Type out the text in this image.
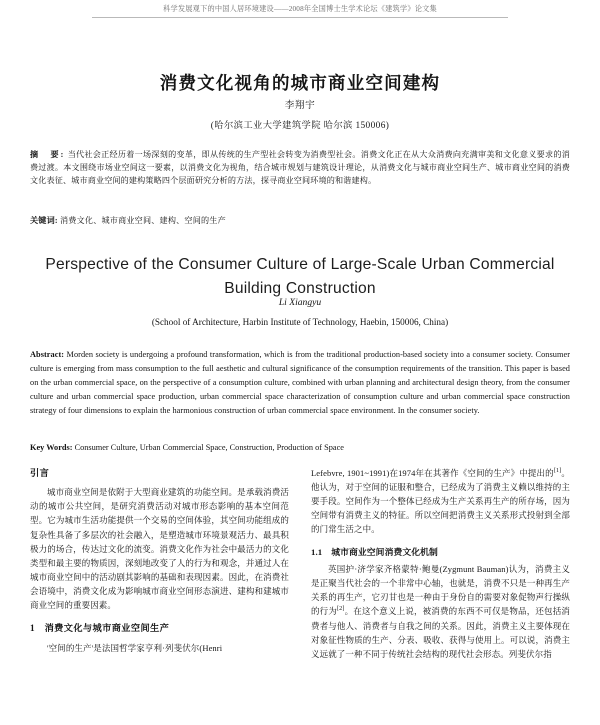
科学发展观下的中国人居环境建设——2008年全国博士生学术论坛《建筑学》论文集
消费文化视角的城市商业空间建构
李翔宇
(哈尔滨工业大学建筑学院 哈尔滨 150006)
摘　要: 当代社会正经历着一场深刻的变革，即从传统的生产型社会转变为消费型社会。消费文化正在从大众消费向充满审美和文化意义要求的消费过渡。本文围绕市场业空间这一要素，以消费文化为视角，结合城市规划与建筑设计理论，从消费文化与城市商业空间生产、城市商业空间的消费文化表征、城市商业空间的建构策略四个层面研究分析的方法，探寻商业空间环境的和谐建构。
关键词: 消费文化、城市商业空间、建构、空间的生产
Perspective of the Consumer Culture of Large-Scale Urban Commercial Building Construction
Li Xiangyu
(School of Architecture, Harbin Institute of Technology, Haebin, 150006, China)
Abstract: Morden society is undergoing a profound transformation, which is from the traditional production-based society into a consumer society. Consumer culture is emerging from mass consumption to the full aesthetic and cultural significance of the consumption requirements of the transition. This paper is based on the urban commercial space, on the perspective of a consumption culture, combined with urban planning and architectural design theory, from the consumer culture and urban commercial space production, urban commercial space characterization of consumption culture and urban commercial space construction strategy of four dimensions to explain the harmonious construction of urban commercial space environment. In the consumer society.
Key Words: Consumer Culture, Urban Commercial Space, Construction, Production of Space
引言

城市商业空间是依附于大型商业建筑的功能空间。是承载消费活动的城市公共空间，是研究消费活动对城市形态影响的基本空间范型。它为城市生活功能提供一个交易的空间体验，其空间功能组成的复杂性具备了多层次的社会融入，是塑造城市环境景观活力、最具积极力的场合，传达过文化的流变。消费文化作为社会中最活力的文化类型和最主要的物质因，深刻地改变了人的行为和观念，并通过人在城市商业空间中的活动剧其影响的基础和表现因素。因此，在消费社会语境中，消费文化成为影响城市商业空间形态演进、建构和建城市商业空间的重要因素。

1　消费文化与城市商业空间生产

'空间的生产'是法国哲学家亨利·列斐伏尔(Henri

Lefebvre, 1901~1991)在1974年在其著作《空间的生产》中提出的[1]。他认为，对于空间的证服和整合，已经成为了消费主义赖以维持的主要手段。空间作为一个整体已经成为生产关系再生产的所存场，因为空间带有消费主义的特征。所以空间把消费主义关系形式投射到全部的门常生活之中。

1.1　城市商业空间消费文化机制

英国护·济学家齐格蒙特·鲍曼(Zygmunt Bauman)认为，消费主义是正聚当代社会的一个非常中心轴，也就是，消费不只是一种再生产关系的再生产，它刃甘也是一种由于身份自的需要对象促物声行操纵的行为[2]。在这个意义上说，被消费的东西不可仅是物品，还包括消费者与他人、消费者与自我之间的关系。因此，消费主义主要体现在对象征性物质的生产、分表、吸收、获得与使用上。可以说，消费主义远就了一种不同于传统社会结构的现代社会形态。列斐伏尔指
